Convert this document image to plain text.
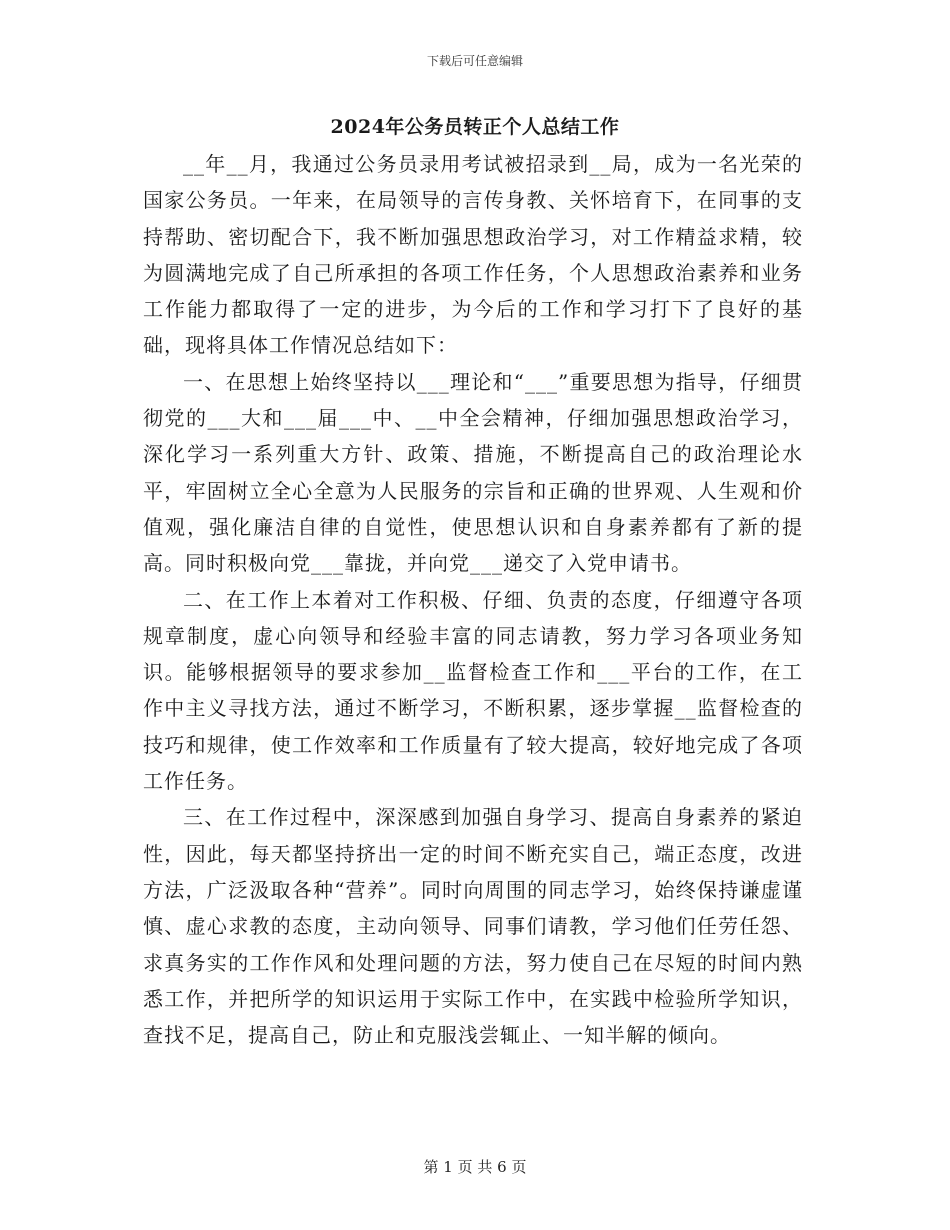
下载后可任意编辑
2024年公务员转正个人总结工作

__年__月，我通过公务员录用考试被招录到__局，成为一名光荣的国家公务员。一年来，在局领导的言传身教、关怀培育下，在同事的支持帮助、密切配合下，我不断加强思想政治学习，对工作精益求精，较为圆满地完成了自己所承担的各项工作任务，个人思想政治素养和业务工作能力都取得了一定的进步，为今后的工作和学习打下了良好的基础，现将具体工作情况总结如下：

一、在思想上始终坚持以___理论和“___”重要思想为指导，仔细贯彻党的___大和___届___中、__中全会精神，仔细加强思想政治学习，深化学习一系列重大方针、政策、措施，不断提高自己的政治理论水平，牢固树立全心全意为人民服务的宗旨和正确的世界观、人生观和价值观，强化廉洁自律的自觉性，使思想认识和自身素养都有了新的提高。同时积极向党___靠拢，并向党___递交了入党申请书。

二、在工作上本着对工作积极、仔细、负责的态度，仔细遵守各项规章制度，虚心向领导和经验丰富的同志请教，努力学习各项业务知识。能够根据领导的要求参加__监督检查工作和___平台的工作，在工作中主义寻找方法，通过不断学习，不断积累，逐步掌握__监督检查的技巧和规律，使工作效率和工作质量有了较大提高，较好地完成了各项工作任务。

三、在工作过程中，深深感到加强自身学习、提高自身素养的紧迫性，因此，每天都坚持挤出一定的时间不断充实自己，端正态度，改进方法，广泛汲取各种“营养”。同时向周围的同志学习，始终保持谦虚谨慎、虚心求教的态度，主动向领导、同事们请教，学习他们任劳任怨、求真务实的工作作风和处理问题的方法，努力使自己在尽短的时间内熟悉工作，并把所学的知识运用于实际工作中，在实践中检验所学知识，查找不足，提高自己，防止和克服浅尝辄止、一知半解的倾向。

第 1 页 共 6 页
